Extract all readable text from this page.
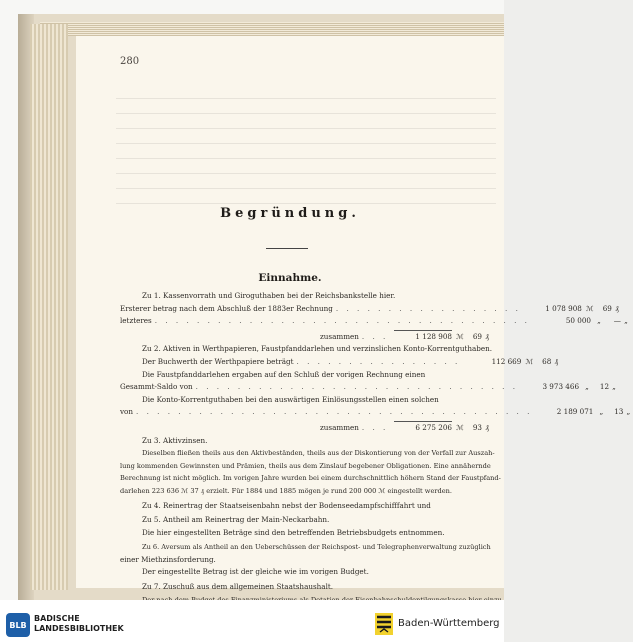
280
Begründung.
Einnahme.
Zu 1. Kassenvorrath und Giroguthaben bei der Reichsbankstelle hier.
Ersterer betrag nach dem Abschluß der 1883er Rechnung . . . . . . . . . . . . . . . . . .	1 078 908 ℳ	69 ₰
letzteres . . . . . . . . . . . . . . . . . . . . . . . . . . . . . . . . . . . .	50 000 „	— „
zusammen . . .	1 128 908 ℳ	69 ₰
Zu 2. Aktiven in Werthpapieren, Faustpfanddarlehen und verzinslichen Konto-Korrentguthaben.
Der Buchwerth der Werthpapiere beträgt . . . . . . . . . . . . . . . .	112 669 ℳ	68 ₰
Die Faustpfanddarlehen ergaben auf den Schluß der vorigen Rechnung einen
Gesammt-Saldo von . . . . . . . . . . . . . . . . . . . . . . . . . . . . . . .	3 973 466 „	12 „
Die Konto-Korrentguthaben bei den auswärtigen Einlösungsstellen einen solchen
von . . . . . . . . . . . . . . . . . . . . . . . . . . . . . . . . . . . . . .	2 189 071 „	13 „
zusammen . . .	6 275 206 ℳ	93 ₰
Zu 3. Aktivzinsen.
Dieselben fließen theils aus den Aktivbeständen, theils aus der Diskontierung von der Verfall zur Auszah-
lung kommenden Gewinnsten und Prämien, theils aus dem Zinslauf begebener Obligationen. Eine annähernde
Berechnung ist nicht möglich. Im vorigen Jahre wurden bei einem durchschnittlich höhern Stand der Faustpfand-
darlehen 223 636 ℳ 37 ₰ erzielt. Für 1884 und 1885 mögen je rund 200 000 ℳ eingestellt werden.
Zu 4. Reinertrag der Staatseisenbahn nebst der Bodenseedampfschifffahrt und
Zu 5. Antheil am Reinertrag der Main-Neckarbahn.
Die hier eingestellten Beträge sind den betreffenden Betriebsbudgets entnommen.
Zu 6. Aversum als Antheil an den Ueberschüssen der Reichspost- und Telegraphenverwaltung zuzüglich
einer Miethzinsforderung.
Der eingestellte Betrag ist der gleiche wie im vorigen Budget.
Zu 7. Zuschuß aus dem allgemeinen Staatshaushalt.
BLB
BADISCHE
LANDESBIBLIOTHEK	Baden-Württemberg
